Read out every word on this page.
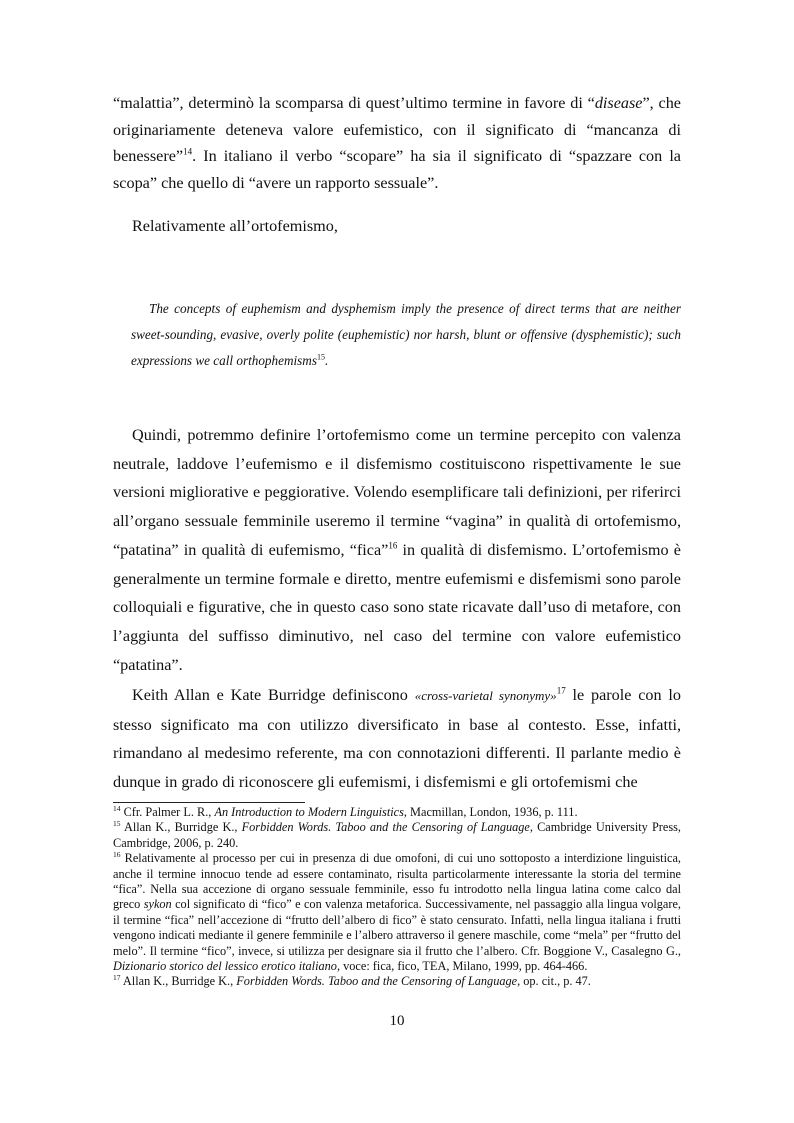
“malattia”, determinò la scomparsa di quest’ultimo termine in favore di “disease”, che originariamente deteneva valore eufemistico, con il significato di “mancanza di benessere”$^{14}$. In italiano il verbo “scopare” ha sia il significato di “spazzare con la scopa” che quello di “avere un rapporto sessuale”.

Relativamente all’ortofemismo,

The concepts of euphemism and dysphemism imply the presence of direct terms that are neither sweet-sounding, evasive, overly polite (euphemistic) nor harsh, blunt or offensive (dysphemistic); such expressions we call orthophemisms$^{15}$.

Quindi, potremmo definire l’ortofemismo come un termine percepito con valenza neutrale, laddove l’eufemismo e il disfemismo costituiscono rispettivamente le sue versioni migliorative e peggiorative. Volendo esemplificare tali definizioni, per riferirci all’organo sessuale femminile useremo il termine “vagina” in qualità di ortofemismo, “patatina” in qualità di eufemismo, “fica”$^{16}$ in qualità di disfemismo. L’ortofemismo è generalmente un termine formale e diretto, mentre eufemismi e disfemismi sono parole colloquiali e figurative, che in questo caso sono state ricavate dall’uso di metafore, con l’aggiunta del suffisso diminutivo, nel caso del termine con valore eufemistico “patatina”.

Keith Allan e Kate Burridge definiscono «cross-varietal synonymy»$^{17}$ le parole con lo stesso significato ma con utilizzo diversificato in base al contesto. Esse, infatti, rimandano al medesimo referente, ma con connotazioni differenti. Il parlante medio è dunque in grado di riconoscere gli eufemismi, i disfemismi e gli ortofemismi che

$^{14}$ Cfr. Palmer L. R., An Introduction to Modern Linguistics, Macmillan, London, 1936, p. 111.

$^{15}$ Allan K., Burridge K., Forbidden Words. Taboo and the Censoring of Language, Cambridge University Press, Cambridge, 2006, p. 240.

$^{16}$ Relativamente al processo per cui in presenza di due omofoni, di cui uno sottoposto a interdizione linguistica, anche il termine innocuo tende ad essere contaminato, risulta particolarmente interessante la storia del termine “fica”. Nella sua accezione di organo sessuale femminile, esso fu introdotto nella lingua latina come calco dal greco sykon col significato di “fico” e con valenza metaforica. Successivamente, nel passaggio alla lingua volgare, il termine “fica” nell’accezione di “frutto dell’albero di fico” è stato censurato. Infatti, nella lingua italiana i frutti vengono indicati mediante il genere femminile e l’albero attraverso il genere maschile, come “mela” per “frutto del melo”. Il termine “fico”, invece, si utilizza per designare sia il frutto che l’albero. Cfr. Boggione V., Casalegno G., Dizionario storico del lessico erotico italiano, voce: fica, fico, TEA, Milano, 1999, pp. 464-466.

$^{17}$ Allan K., Burridge K., Forbidden Words. Taboo and the Censoring of Language, op. cit., p. 47.

10
